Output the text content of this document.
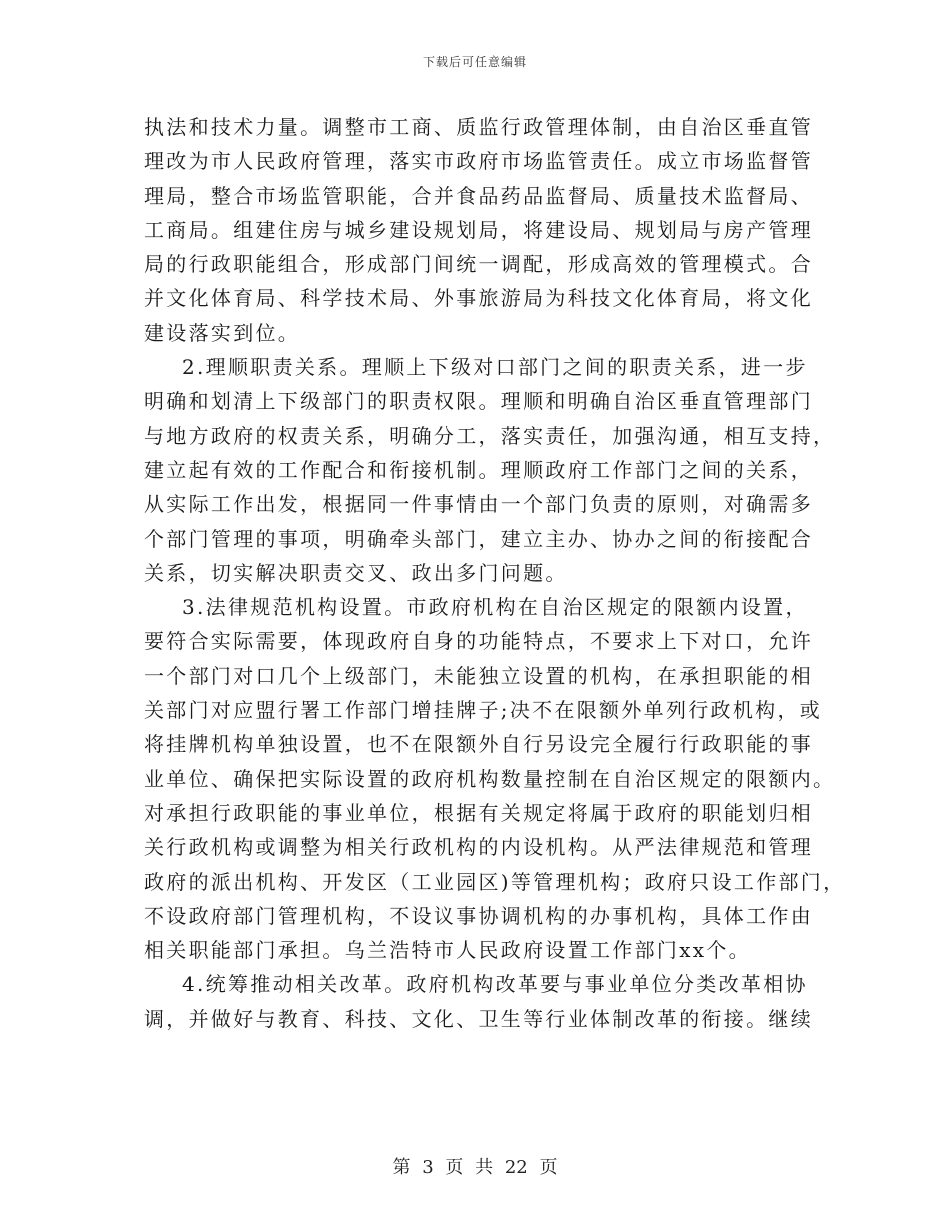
下载后可任意编辑
执法和技术力量。调整市工商、质监行政管理体制，由自治区垂直管
理改为市人民政府管理，落实市政府市场监管责任。成立市场监督管
理局，整合市场监管职能，合并食品药品监督局、质量技术监督局、
工商局。组建住房与城乡建设规划局，将建设局、规划局与房产管理
局的行政职能组合，形成部门间统一调配，形成高效的管理模式。合
并文化体育局、科学技术局、外事旅游局为科技文化体育局，将文化
建设落实到位。
2.理顺职责关系。理顺上下级对口部门之间的职责关系，进一步
明确和划清上下级部门的职责权限。理顺和明确自治区垂直管理部门
与地方政府的权责关系，明确分工，落实责任，加强沟通，相互支持，
建立起有效的工作配合和衔接机制。理顺政府工作部门之间的关系，
从实际工作出发，根据同一件事情由一个部门负责的原则，对确需多
个部门管理的事项，明确牵头部门，建立主办、协办之间的衔接配合
关系，切实解决职责交叉、政出多门问题。
3.法律规范机构设置。市政府机构在自治区规定的限额内设置，
要符合实际需要，体现政府自身的功能特点，不要求上下对口，允许
一个部门对口几个上级部门，未能独立设置的机构，在承担职能的相
关部门对应盟行署工作部门增挂牌子;决不在限额外单列行政机构，或
将挂牌机构单独设置，也不在限额外自行另设完全履行行政职能的事
业单位、确保把实际设置的政府机构数量控制在自治区规定的限额内。
对承担行政职能的事业单位，根据有关规定将属于政府的职能划归相
关行政机构或调整为相关行政机构的内设机构。从严法律规范和管理
政府的派出机构、开发区（工业园区)等管理机构；政府只设工作部门，
不设政府部门管理机构，不设议事协调机构的办事机构，具体工作由
相关职能部门承担。乌兰浩特市人民政府设置工作部门xx个。
4.统筹推动相关改革。政府机构改革要与事业单位分类改革相协
调，并做好与教育、科技、文化、卫生等行业体制改革的衔接。继续
第 3 页 共 22 页
